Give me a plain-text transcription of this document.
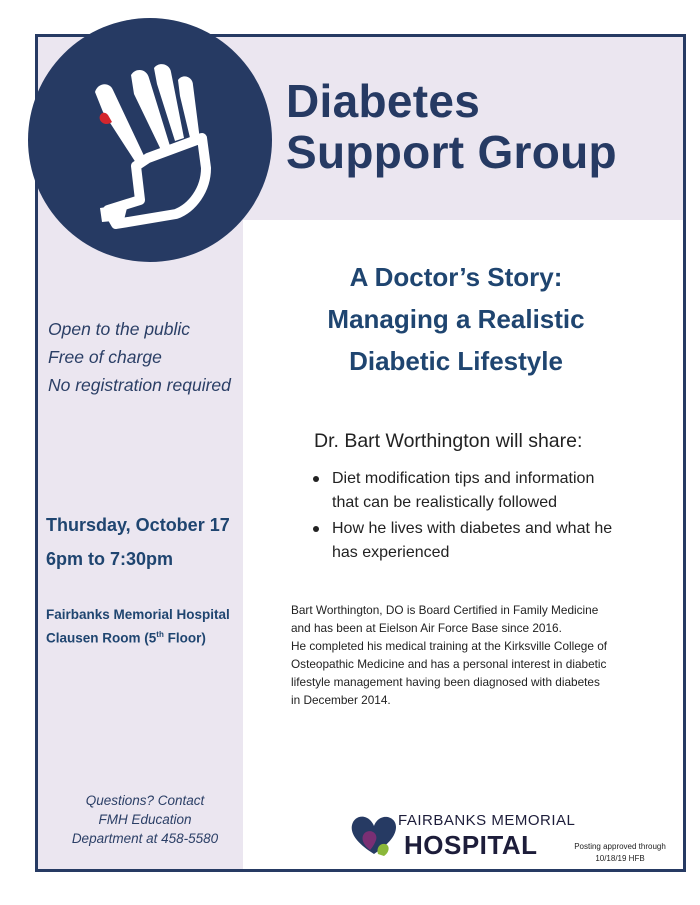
Diabetes
Support Group
A Doctor’s Story:
Managing a Realistic
Diabetic Lifestyle
Open to the public
Free of charge
No registration required
Thursday, October 17
6pm to 7:30pm
Fairbanks Memorial Hospital
Clausen Room (5th Floor)
Questions? Contact
FMH Education
Department at 458-5580
Dr. Bart Worthington will share:
Diet modification tips and information
that can be realistically followed
How he lives with diabetes and what he
has experienced
Bart Worthington, DO is Board Certified in Family Medicine
and has been at Eielson Air Force Base since 2016.
He completed his medical training at the Kirksville College of
Osteopathic Medicine and has a personal interest in diabetic
lifestyle management having been diagnosed with diabetes
in December 2014.
FAIRBANKS MEMORIAL
HOSPITAL	Posting approved through
10/18/19 HFB
